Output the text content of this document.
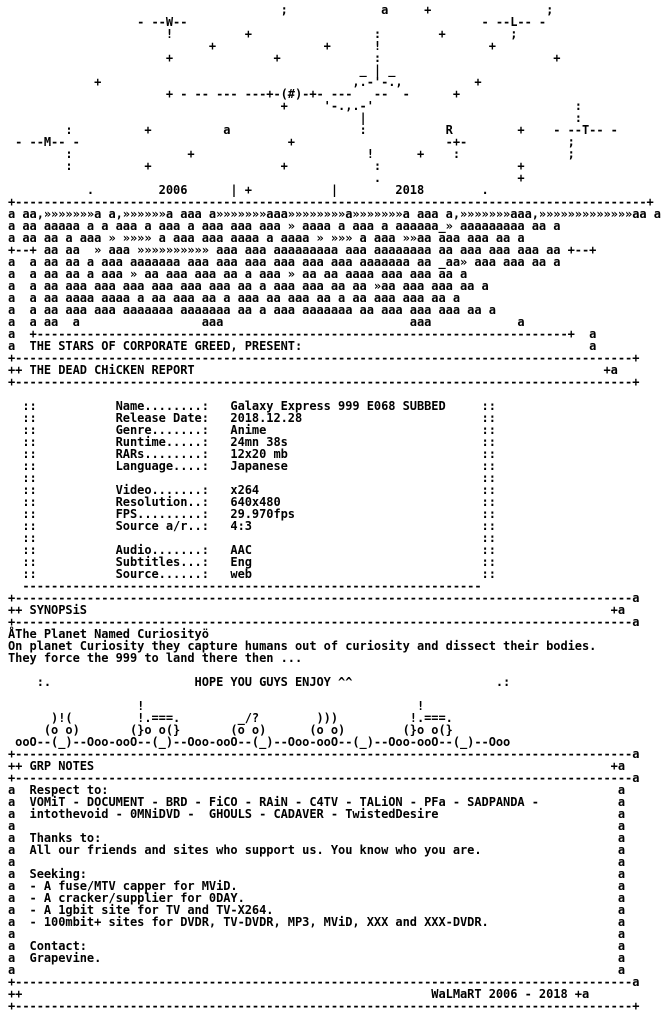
;             a     +                ;
- --W--                                         - --L-- -
!          +                 :        +         ;
+               +      !               +
+              +             :                        +
_ | _
+                                   ,.-'-.,          +
+ - -- --- ---+-(#)-+- ---   --  -      +
+     '-.,.-'                            :
|                             :
:          +          a                  :           R         +    - --T-- -
- --M-- -                             +                     -+-              ;
:                +                        !      +    :               ;
:          +                  +            :                   +
.                   +
.         2006      | +           |        2018        .
+----------------------------------------------------------------------------------------+
a aa,»»»»»»»a a,»»»»»»a aaa a»»»»»»»aaa»»»»»»»»a»»»»»»»a aaa a,»»»»»»»aaa,»»»»»»»»»»»»»aa a
a aa aaaaa a a aaa a aaa a aaa aaa aaa » aaaa a aaa a aaaaaa_» aaaaaaaaa aa a
a aa aa a aaa » »»»» a aaa aaa aaaa a aaaa » »»» a aaa »»aa aaa aaa aa a
+--+ aa aa  » aaa »»»»»»»»»» aaa aaa aaaaaaaaa aaa aaaaaaaa aa aaa aaa aaa aa +--+
a  a aa aa a aaa aaaaaaa aaa aaa aaa aaa aaa aaa aaaaaaa aa _aa» aaa aaa aa a
a  a aa aa a aaa » aa aaa aaa aa a aaa » aa aa aaaa aaa aaa aa a
a  a aa aaa aaa aaa aaa aaa aaa aa a aaa aaa aa aa »aa aaa aaa aa a
a  a aa aaaa aaaa a aa aaa aa a aaa aa aaa aa a aa aaa aaa aa a
a  a aa aaa aaa aaaaaaa aaaaaaa aa a aaa aaaaaaa aa aaa aaa aaa aa a
a  a aa  a                 aaa                          aaa            a
a  +--------------------------------------------------------------------------+  a
a  THE STARS OF CORPORATE GREED, PRESENT:                                        a
+--------------------------------------------------------------------------------------+
++ THE DEAD CHiCKEN REPORT                                                         +a
+--------------------------------------------------------------------------------------+

::           Name........:   Galaxy Express 999 E068 SUBBED     ::
::           Release Date:   2018.12.28                         ::
::           Genre.......:   Anime                              ::
::           Runtime.....:   24mn 38s                           ::
::           RARs........:   12x20 mb                           ::
::           Language....:   Japanese                           ::
::                                                              ::
::           Video.......:   x264                               ::
::           Resolution..:   640x480                            ::
::           FPS.........:   29.970fps                          ::
::           Source a/r..:   4:3                                ::
::                                                              ::
::           Audio.......:   AAC                                ::
::           Subtitles...:   Eng                                ::
::           Source......:   web                                ::
----------------------------------------------------------------
+--------------------------------------------------------------------------------------a
++ SYNOPSiS                                                                         +a
+--------------------------------------------------------------------------------------a
ÅThe Planet Named Curiosityö
On planet Curiosity they capture humans out of curiosity and dissect their bodies.
They force the 999 to land there then ...

:.                    HOPE YOU GUYS ENJOY ^^                    .:

!                                      !
)!(         !.===.        _/?        )))          !.===.
(o o)       (}o o(}       (o o)      (o o)        (}o o(}
ooO--(_)--Ooo-ooO--(_)--Ooo-ooO--(_)--Ooo-ooO--(_)--Ooo-ooO--(_)--Ooo
+--------------------------------------------------------------------------------------a
++ GRP NOTES                                                                        +a
+--------------------------------------------------------------------------------------a
a  Respect to:                                                                       a
a  VOMiT - DOCUMENT - BRD - FiCO - RAiN - C4TV - TALiON - PFa - SADPANDA -           a
a  intothevoid - 0MNiDVD -  GHOULS - CADAVER - TwistedDesire                         a
a                                                                                    a
a  Thanks to:                                                                        a
a  All our friends and sites who support us. You know who you are.                   a
a                                                                                    a
a  Seeking:                                                                          a
a  - A fuse/MTV capper for MViD.                                                     a
a  - A cracker/supplier for 0DAY.                                                    a
a  - A 1gbit site for TV and TV-X264.                                                a
a  - 100mbit+ sites for DVDR, TV-DVDR, MP3, MViD, XXX and XXX-DVDR.                  a
a                                                                                    a
a  Contact:                                                                          a
a  Grapevine.                                                                        a
a                                                                                    a
+--------------------------------------------------------------------------------------a
++                                                         WaLMaRT 2006 - 2018 +a
+--------------------------------------------------------------------------------------+
